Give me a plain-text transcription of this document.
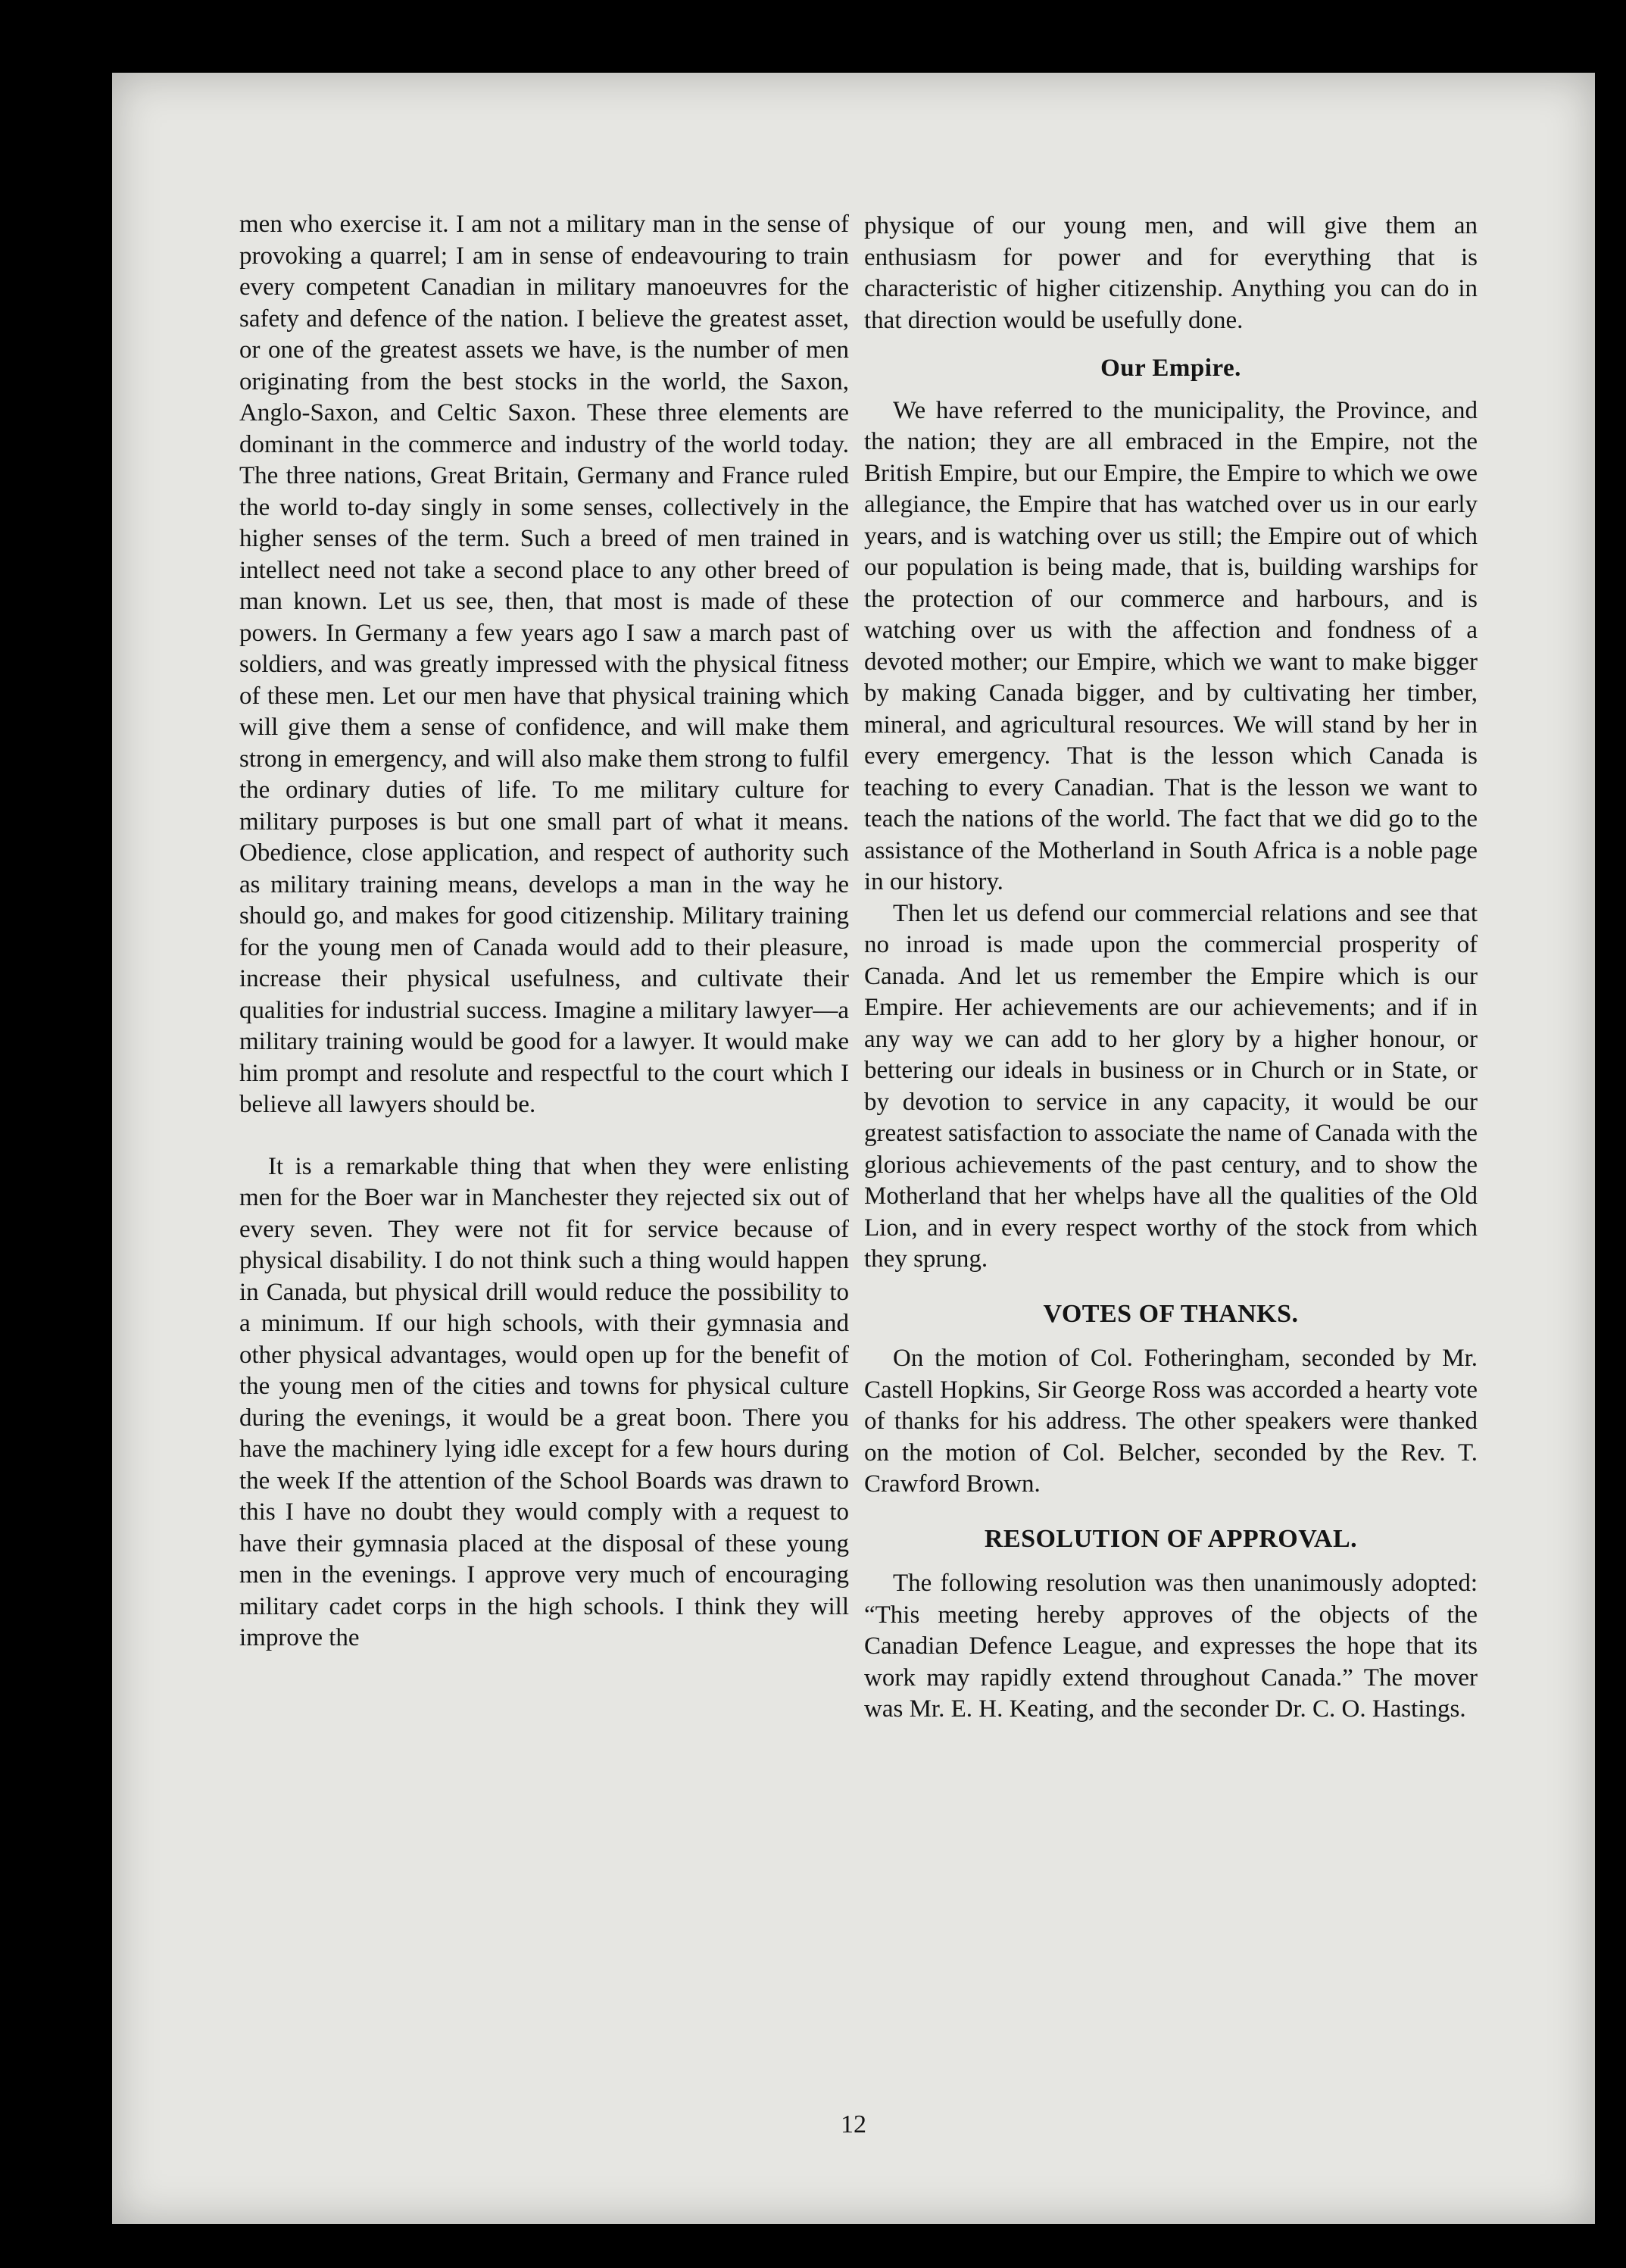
men who exercise it. I am not a military man in the sense of provoking a quarrel; I am in sense of endeavouring to train every competent Canadian in military manoeuvres for the safety and defence of the nation. I believe the greatest asset, or one of the greatest assets we have, is the number of men originating from the best stocks in the world, the Saxon, Anglo-Saxon, and Celtic Saxon. These three elements are dominant in the commerce and industry of the world today. The three nations, Great Britain, Germany and France ruled the world to-day singly in some senses, collectively in the higher senses of the term. Such a breed of men trained in intellect need not take a second place to any other breed of man known. Let us see, then, that most is made of these powers. In Germany a few years ago I saw a march past of soldiers, and was greatly impressed with the physical fitness of these men. Let our men have that physical training which will give them a sense of confidence, and will make them strong in emergency, and will also make them strong to fulfil the ordinary duties of life. To me military culture for military purposes is but one small part of what it means. Obedience, close application, and respect of authority such as military training means, develops a man in the way he should go, and makes for good citizenship. Military training for the young men of Canada would add to their pleasure, increase their physical usefulness, and cultivate their qualities for industrial success. Imagine a military lawyer—a military training would be good for a lawyer. It would make him prompt and resolute and respectful to the court which I believe all lawyers should be.

It is a remarkable thing that when they were enlisting men for the Boer war in Manchester they rejected six out of every seven. They were not fit for service because of physical disability. I do not think such a thing would happen in Canada, but physical drill would reduce the possibility to a minimum. If our high schools, with their gymnasia and other physical advantages, would open up for the benefit of the young men of the cities and towns for physical culture during the evenings, it would be a great boon. There you have the machinery lying idle except for a few hours during the week If the attention of the School Boards was drawn to this I have no doubt they would comply with a request to have their gymnasia placed at the disposal of these young men in the evenings. I approve very much of encouraging military cadet corps in the high schools. I think they will improve the

physique of our young men, and will give them an enthusiasm for power and for everything that is characteristic of higher citizenship. Anything you can do in that direction would be usefully done.

Our Empire.

We have referred to the municipality, the Province, and the nation; they are all embraced in the Empire, not the British Empire, but our Empire, the Empire to which we owe allegiance, the Empire that has watched over us in our early years, and is watching over us still; the Empire out of which our population is being made, that is, building warships for the protection of our commerce and harbours, and is watching over us with the affection and fondness of a devoted mother; our Empire, which we want to make bigger by making Canada bigger, and by cultivating her timber, mineral, and agricultural resources. We will stand by her in every emergency. That is the lesson which Canada is teaching to every Canadian. That is the lesson we want to teach the nations of the world. The fact that we did go to the assistance of the Motherland in South Africa is a noble page in our history.

Then let us defend our commercial relations and see that no inroad is made upon the commercial prosperity of Canada. And let us remember the Empire which is our Empire. Her achievements are our achievements; and if in any way we can add to her glory by a higher honour, or bettering our ideals in business or in Church or in State, or by devotion to service in any capacity, it would be our greatest satisfaction to associate the name of Canada with the glorious achievements of the past century, and to show the Motherland that her whelps have all the qualities of the Old Lion, and in every respect worthy of the stock from which they sprung.

VOTES OF THANKS.

On the motion of Col. Fotheringham, seconded by Mr. Castell Hopkins, Sir George Ross was accorded a hearty vote of thanks for his address. The other speakers were thanked on the motion of Col. Belcher, seconded by the Rev. T. Crawford Brown.

RESOLUTION OF APPROVAL.

The following resolution was then unanimously adopted: “This meeting hereby approves of the objects of the Canadian Defence League, and expresses the hope that its work may rapidly extend throughout Canada.” The mover was Mr. E. H. Keating, and the seconder Dr. C. O. Hastings.

12
